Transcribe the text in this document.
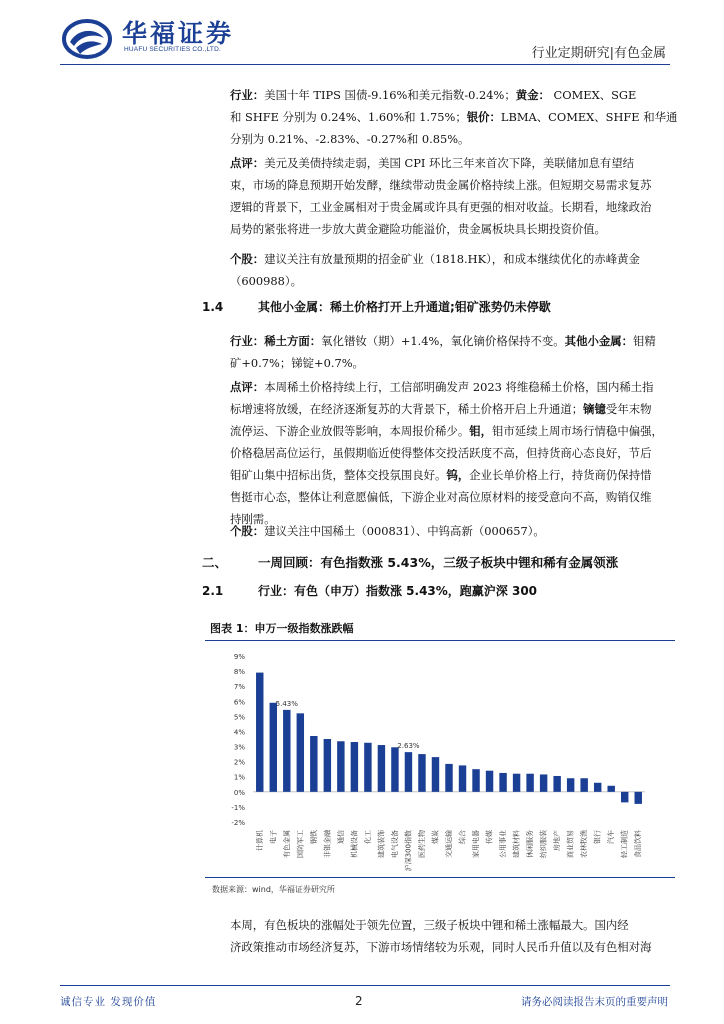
华福证券
HUAFU SECURITIES CO.,LTD.	行业定期研究|有色金属
行业：美国十年 TIPS 国债-9.16%和美元指数-0.24%；黄金： COMEX、SGE
和 SHFE 分别为 0.24%、1.60%和 1.75%；银价：LBMA、COMEX、SHFE 和华通
分别为 0.21%、-2.83%、-0.27%和 0.85%。
点评：美元及美债持续走弱，美国 CPI 环比三年来首次下降，美联储加息有望结
束，市场的降息预期开始发酵，继续带动贵金属价格持续上涨。但短期交易需求复苏
逻辑的背景下，工业金属相对于贵金属或许具有更强的相对收益。长期看，地缘政治
局势的紧张将进一步放大黄金避险功能溢价，贵金属板块具长期投资价值。
个股：建议关注有放量预期的招金矿业（1818.HK），和成本继续优化的赤峰黄金
（600988）。
1.4	其他小金属：稀土价格打开上升通道;钼矿涨势仍未停歇
行业：稀土方面：氧化镨钕（期）+1.4%，氧化镝价格保持不变。其他小金属：钼精
矿+0.7%；锑锭+0.7%。
点评：本周稀土价格持续上行，工信部明确发声 2023 将维稳稀土价格，国内稀土指
标增速将放缓，在经济逐渐复苏的大背景下，稀土价格开启上升通道；镝镱受年末物
流停运、下游企业放假等影响，本周报价稀少。钼，钼市延续上周市场行情稳中偏强，
价格稳居高位运行，虽假期临近使得整体交投活跃度不高，但持货商心态良好，节后
钼矿山集中招标出货，整体交投氛围良好。钨，企业长单价格上行，持货商仍保持惜
售挺市心态，整体让利意愿偏低，下游企业对高位原材料的接受意向不高，购销仅维
持刚需。
个股：建议关注中国稀土（000831）、中钨高新（000657）。
二、 一周回顾：有色指数涨 5.43%，三级子板块中锂和稀有金属领涨
2.1	行业：有色（申万）指数涨 5.43%，跑赢沪深 300
图表 1：申万一级指数涨跌幅
-2%
-1%
0%
1%
2%
3%
4%
5%
6%
7%
8%
9%
计算机 电子 有色金属
5.43%
国防军工 钢铁 非银金融 通信 机械设备 化工 建筑装饰 电气设备 沪深300指数
2.63%
医药生物 煤炭 交通运输 综合 家用电器 传媒 公用事业 建筑材料 休闲服务 纺织服装 房地产 商业贸易 农林牧渔 银行 汽车 轻工制造 食品饮料
数据来源：wind，华福证券研究所
本周，有色板块的涨幅处于领先位置，三级子板块中锂和稀土涨幅最大。国内经
济政策推动市场经济复苏，下游市场情绪较为乐观，同时人民币升值以及有色相对海
诚信专业 发现价值	2	请务必阅读报告末页的重要声明
